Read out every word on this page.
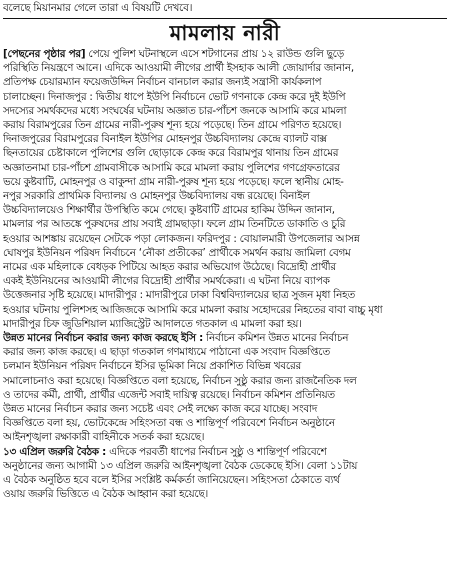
বলেছে মিয়ানমার গেলে তারা এ বিষয়টি দেখবে।
মামলায় নারী
[পেছনের পৃষ্ঠার পর] পেয়ে পুলিশ ঘটনাস্থলে এসে শটগানের প্রায় ১২ রাউন্ড গুলি ছুড়ে
পরিস্থিতি নিয়ন্ত্রণে আনে। এদিকে আওয়ামী লীগের প্রার্থী ইসহাক আলী জোয়ার্দার জানান,
প্রতিপক্ষ চেয়ারম্যান ফয়েজউদ্দিন নির্বাচন বানচাল করার জন্যই সন্ত্রাসী কার্যকলাপ
চালাচ্ছেন। দিনাজপুর : দ্বিতীয় ধাপে ইউপি নির্বাচনে ভোট গণনাকে কেন্দ্র করে দুই ইউপি
সদস্যের সমর্থকদের মধ্যে সংঘর্ষের ঘটনায় অজ্ঞাত চার-পাঁচশ জনকে আসামি করে মামলা
করায় বিরামপুরের তিন গ্রামের নারী-পুরুষ শূন্য হয়ে পড়েছে। তিন গ্রামে পরিণত হয়েছে।
দিনাজপুরের বিরামপুরের বিনাইল ইউপির মোহনপুর উচ্চবিদ্যালয় কেন্দ্রে ব্যালট বাক্স
ছিনতায়ের চেষ্টাকালে পুলিশের গুলি ছোড়াকে কেন্দ্র করে বিরামপুর থানায় তিন গ্রামের
অজ্ঞাতনামা চার-পাঁচশ গ্রামবাসীকে আসামি করে মামলা করায় পুলিশের গণগ্রেফতারের
ভয়ে কুষ্টবাটি, মোহনপুর ও বাকুন্দা গ্রাম নারী-পুরুষ শূন্য হয়ে পড়েছে। ফলে স্থানীয় মোহ-
নপুর সরকারি প্রাথমিক বিদ্যালয় ও মোহনপুর উচ্চবিদ্যালয় বন্ধ রয়েছে। বিনাইল
উচ্চবিদ্যালয়েও শিক্ষার্থীর উপস্থিতি কমে গেছে। কুষ্টবাটি গ্রামের হাকিম উদ্দিন জানান,
মামলার পর আতঙ্কে পুরুষদের প্রায় সবাই গ্রামছাড়া। ফলে গ্রাম তিনটিতে ডাকাতি ও চুরি
হওয়ার আশঙ্কায় রয়েছেন সেটকে পড়া লোকজন। ফরিদপুর : বোয়ালমারী উপজেলার আসন্ন
ঘোষপুর ইউনিয়ন পরিষদ নির্বাচনে ‘নৌকা প্রতীকের’ প্রার্থীকে সমর্থন করায় জামিলা বেগম
নামের এক মহিলাকে বেধড়ক পিটিয়ে আহত করার অভিযোগ উঠেছে। বিদ্রোহী প্রার্থীর
একই ইউনিয়নের আওয়ামী লীগের বিদ্রোহী প্রার্থীর সমর্থকেরা। এ ঘটনা নিয়ে ব্যাপক
উত্তেজনার সৃষ্টি হয়েছে। মাদারীপুর : মাদারীপুরে ঢাকা বিশ্ববিদ্যালয়ের ছাত্র সুজন মৃধা নিহত
হওয়ার ঘটনায় পুলিশসহ আজিজকে আসামি করে মামলা করায় সহোদরের নিহতের বাবা বাচ্চু মৃধা
মাদারীপুর চিফ জুডিশিয়াল ম্যাজিস্ট্রেট আদালতে গতকাল এ মামলা করা হয়।
উন্নত মানের নির্বাচন করার জন্য কাজ করছে ইসি : নির্বাচন কমিশন উন্নত মানের নির্বাচন
করার জন্য কাজ করছে। এ ছাড়া গতকাল গণমাধ্যমে পাঠানো এক সংবাদ বিজ্ঞপ্তিতে
চলমান ইউনিয়ন পরিষদ নির্বাচনে ইসির ভূমিকা নিয়ে প্রকাশিত বিভিন্ন খবরের
সমালোচনাও করা হয়েছে। বিজ্ঞপ্তিতে বলা হয়েছে, নির্বাচন সুষ্ঠু করার জন্য রাজনৈতিক দল
ও তাদের কর্মী, প্রার্থী, প্রার্থীর এজেন্ট সবাই দায়িত্ব রয়েছে। নির্বাচন কমিশন প্রতিনিয়ত
উন্নত মানের নির্বাচন করার জন্য সচেষ্ট এবং সেই লক্ষ্যে কাজ করে যাচ্ছে। সংবাদ
বিজ্ঞপ্তিতে বলা হয়, ভোটকেন্দ্রে সহিংসতা বন্ধ ও শান্তিপূর্ণ পরিবেশে নির্বাচন অনুষ্ঠানে
আইনশৃঙ্খলা রক্ষাকারী বাহিনীকে সতর্ক করা হয়েছে।
১৩ এপ্রিল জরুরি বৈঠক : এদিকে পরবর্তী ধাপের নির্বাচন সুষ্ঠু ও শান্তিপূর্ণ পরিবেশে
অনুষ্ঠানের জন্য আগামী ১৩ এপ্রিল জরুরি আইনশৃঙ্খলা বৈঠক ডেকেছে ইসি। বেলা ১১টায়
এ বৈঠক অনুষ্ঠিত হবে বলে ইসির সংশ্লিষ্ট কর্মকর্তা জানিয়েছেন। সহিংসতা ঠেকাতে ব্যর্থ
ওয়ায় জরুরি ভিত্তিতে এ বৈঠক আহ্বান করা হয়েছে।
